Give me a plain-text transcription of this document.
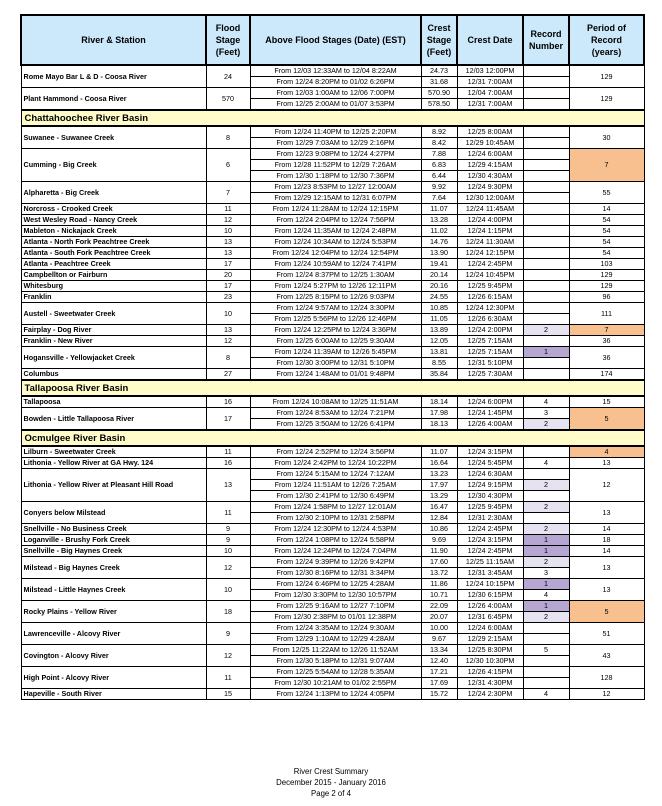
River & Station	Flood
Stage
(Feet)	Above Flood Stages (Date) (EST)	Crest
Stage
(Feet)	Crest Date	Record
Number	Period of
Record
(years)
Rome Mayo Bar L & D - Coosa River	24	From 12/03 12:33AM to 12/04 8:22AM	24.73	12/03 12:00PM		129
		From 12/24 8:20PM to 01/02 6:26PM	31.68	12/31 7:00AM		
Plant Hammond - Coosa River	570	From 12/03 1:00AM to 12/06 7:00PM	570.90	12/04 7:00AM		129
		From 12/25 2:00AM to 01/07 3:53PM	578.50	12/31 7:00AM		
Chattahoochee River Basin						
Suwanee - Suwanee Creek	8	From 12/24 11:40PM to 12/25 2:20PM	8.92	12/25 8:00AM		30
		From 12/29 7:03AM to 12/29 2:16PM	8.42	12/29 10:45AM		
Cumming - Big Creek	6	From 12/23 9:08PM to 12/24 4:27PM	7.88	12/24 6:00AM		7
		From 12/28 11:52PM to 12/29 7:26AM	6.83	12/29 4:15AM		
		From 12/30 1:18PM to 12/30 7:36PM	6.44	12/30 4:30AM		
Alpharetta - Big Creek	7	From 12/23 8:53PM to 12/27 12:00AM	9.92	12/24 9:30PM		55
		From 12/29 12:15AM to 12/31 6:07PM	7.64	12/30 12:00AM		
Norcross - Crooked Creek	11	From 12/24 11:28AM to 12/24 12:15PM	11.07	12/24 11:45AM		14
West Wesley Road - Nancy Creek	12	From 12/24 2:04PM to 12/24 7:56PM	13.28	12/24 4:00PM		54
Mableton - Nickajack Creek	10	From 12/24 11:35AM to 12/24 2:48PM	11.02	12/24 1:15PM		54
Atlanta - North Fork Peachtree Creek	13	From 12/24 10:34AM to 12/24 5:53PM	14.76	12/24 11:30AM		54
Atlanta - South Fork Peachtree Creek	13	From 12/24 12:04PM to 12/24 12:54PM	13.90	12/24 12:15PM		54
Atlanta - Peachtree Creek	17	From 12/24 10:59AM to 12/24 7:41PM	19.41	12/24 2:45PM		103
Campbellton or Fairburn	20	From 12/24 8:37PM to 12/25 1:30AM	20.14	12/24 10:45PM		129
Whitesburg	17	From 12/24 5:27PM to 12/26 12:11PM	20.16	12/25 9:45PM		129
Franklin	23	From 12/25 8:15PM to 12/26 9:03PM	24.55	12/26 6:15AM		96
Austell - Sweetwater Creek	10	From 12/24 9:57AM to 12/24 3:30PM	10.85	12/24 12:30PM		111
		From 12/25 5:56PM to 12/26 12:46PM	11.05	12/26 6:30AM		
Fairplay - Dog River	13	From 12/24 12:25PM to 12/24 3:36PM	13.89	12/24 2:00PM	2	7
Franklin - New River	12	From 12/25 6:00AM to 12/25 9:30AM	12.05	12/25 7:15AM		36
Hogansville - Yellowjacket Creek	8	From 12/24 11:39AM to 12/26 5:45PM	13.81	12/25 7:15AM	1	36
		From 12/30 3:00PM to 12/31 5:10PM	8.55	12/31 5:10PM		
Columbus	27	From 12/24 1:48AM to 01/01 9:48PM	35.84	12/25 7:30AM		174
Tallapoosa River Basin						
Tallapoosa	16	From 12/24 10:08AM to 12/25 11:51AM	18.14	12/24 6:00PM	4	15
Bowden - Little Tallapoosa River	17	From 12/24 8:53AM to 12/24 7:21PM	17.98	12/24 1:45PM	3	5
		From 12/25 3:50AM to 12/26 6:41PM	18.13	12/26 4:00AM	2	
Ocmulgee River Basin						
Lilburn - Sweetwater Creek	11	From 12/24 2:52PM to 12/24 3:56PM	11.07	12/24 3:15PM		4
Lithonia - Yellow River at GA Hwy. 124	16	From 12/24 2:42PM to 12/24 10:22PM	16.64	12/24 5:45PM	4	13
Lithonia - Yellow River at Pleasant Hill Road	13	From 12/24 5:15AM to 12/24 7:12AM	13.23	12/24 6:30AM		12
		From 12/24 11:51AM to 12/26 7:25AM	17.97	12/24 9:15PM	2	
		From 12/30 2:41PM to 12/30 6:49PM	13.29	12/30 4:30PM		
Conyers below Milstead	11	From 12/24 1:58PM to 12/27 12:01AM	16.47	12/25 9:45PM	2	13
		From 12/30 2:10PM to 12/31 2:58PM	12.84	12/31 2:30AM		
Snellville - No Business Creek	9	From 12/24 12:30PM to 12/24 4:53PM	10.86	12/24 2:45PM	2	14
Loganville - Brushy Fork Creek	9	From 12/24 1:08PM to 12/24 5:58PM	9.69	12/24 3:15PM	1	18
Snellville - Big Haynes Creek	10	From 12/24 12:24PM to 12/24 7:04PM	11.90	12/24 2:45PM	1	14
Milstead - Big Haynes Creek	12	From 12/24 9:39PM to 12/26 9:42PM	17.60	12/25 11:15AM	2	13
		From 12/30 8:16PM to 12/31 3:34PM	13.72	12/31 3:45AM	3	
Milstead - Little Haynes Creek	10	From 12/24 6:46PM to 12/25 4:28AM	11.86	12/24 10:15PM	1	13
		From 12/30 3:30PM to 12/30 10:57PM	10.71	12/30 6:15PM	4	
Rocky Plains - Yellow River	18	From 12/25 9:16AM to 12/27 7:10PM	22.09	12/26 4:00AM	1	5
		From 12/30 2:38PM to 01/01 12:38PM	20.07	12/31 6:45PM	2	
Lawrenceville - Alcovy River	9	From 12/24 3:35AM to 12/24 9:30AM	10.00	12/24 6:00AM		51
		From 12/29 1:10AM to 12/29 4:28AM	9.67	12/29 2:15AM		
Covington - Alcovy River	12	From 12/25 11:22AM to 12/26 11:52AM	13.34	12/25 8:30PM	5	43
		From 12/30 5:18PM to 12/31 9:07AM	12.40	12/30 10:30PM		
High Point - Alcovy River	11	From 12/25 5:54AM to 12/28 5:35AM	17.21	12/26 4:15PM		128
		From 12/30 10:21AM to 01/02 2:55PM	17.69	12/31 4:30PM		
Hapeville - South River	15	From 12/24 1:13PM to 12/24 4:05PM	15.72	12/24 2:30PM	4	12
River Crest Summary
December 2015 - January 2016
Page 2 of 4
